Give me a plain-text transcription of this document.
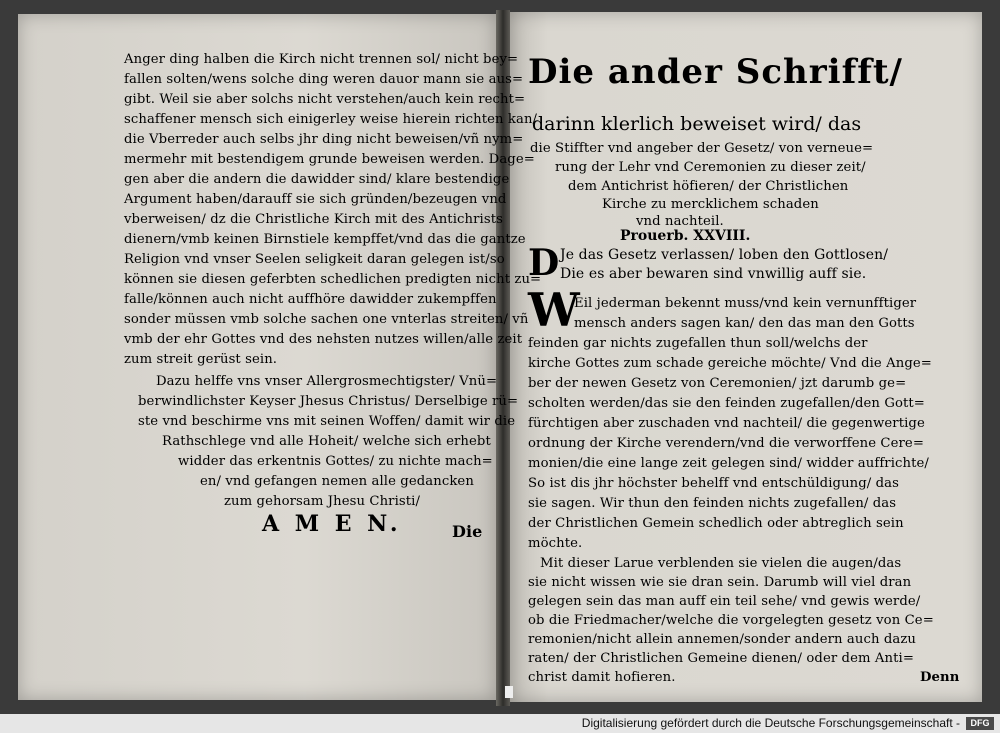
Anger ding halben die Kirch nicht trennen sol/ nicht bey=
fallen solten/wens solche ding weren dauor mann sie aus=
gibt. Weil sie aber solchs nicht verstehen/auch kein recht=
schaffener mensch sich einigerley weise hierein richten kan/
die Vberreder auch selbs jhr ding nicht beweisen/vñ nym=
mermehr mit bestendigem grunde beweisen werden. Dage=
gen aber die andern die dawidder sind/ klare bestendige
Argument haben/darauff sie sich gründen/bezeugen vnd
vberweisen/ dz die Christliche Kirch mit des Antichrists
dienern/vmb keinen Birnstiele kempffet/vnd das die gantze
Religion vnd vnser Seelen seligkeit daran gelegen ist/so
können sie diesen geferbten schedlichen predigten nicht zu=
falle/können auch nicht auffhöre dawidder zukempffen
sonder müssen vmb solche sachen one vnterlas streiten/ vñ
vmb der ehr Gottes vnd des nehsten nutzes willen/alle zeit
zum streit gerüst sein.
Dazu helffe vns vnser Allergrosmechtigster/ Vnü=
berwindlichster Keyser Jhesus Christus/ Derselbige rü=
ste vnd beschirme vns mit seinen Woffen/ damit wir die
Rathschlege vnd alle Hoheit/ welche sich erhebt
widder das erkentnis Gottes/ zu nichte mach=
en/ vnd gefangen nemen alle gedancken
zum gehorsam Jhesu Christi/
A M E N.	Die
Die ander Schrifft/
darinn klerlich beweiset wird/ das
die Stiffter vnd angeber der Gesetz/ von verneue=
rung der Lehr vnd Ceremonien zu dieser zeit/
dem Antichrist höfieren/ der Christlichen
Kirche zu mercklichem schaden
vnd nachteil.
Prouerb. XXVIII.
D Je das Gesetz verlassen/ loben den Gottlosen/
Die es aber bewaren sind vnwillig auff sie.
W
Eil jederman bekennt muss/vnd kein vernunfftiger
mensch anders sagen kan/ den das man den Gotts
feinden gar nichts zugefallen thun soll/welchs der
kirche Gottes zum schade gereiche möchte/ Vnd die Ange=
ber der newen Gesetz von Ceremonien/ jzt darumb ge=
scholten werden/das sie den feinden zugefallen/den Gott=
fürchtigen aber zuschaden vnd nachteil/ die gegenwertige
ordnung der Kirche verendern/vnd die verworffene Cere=
monien/die eine lange zeit gelegen sind/ widder auffrichte/
So ist dis jhr höchster behelff vnd entschüldigung/ das
sie sagen. Wir thun den feinden nichts zugefallen/ das
der Christlichen Gemein schedlich oder abtreglich sein
möchte.
Mit dieser Larue verblenden sie vielen die augen/das
sie nicht wissen wie sie dran sein. Darumb will viel dran
gelegen sein das man auff ein teil sehe/ vnd gewis werde/
ob die Friedmacher/welche die vorgelegten gesetz von Ce=
remonien/nicht allein annemen/sonder andern auch dazu
raten/ der Christlichen Gemeine dienen/ oder dem Anti=
christ damit hofieren.	Denn
Digitalisierung gefördert durch die Deutsche Forschungsgemeinschaft -	DFG
